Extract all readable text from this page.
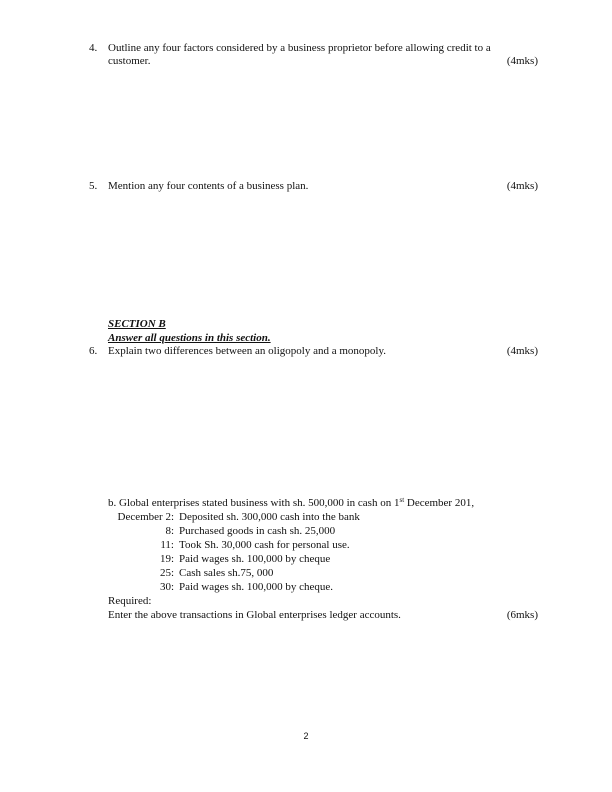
4. Outline any four factors considered by a business proprietor before allowing credit to a
customer.	(4mks)
5. Mention any four contents of a business plan.	(4mks)
SECTION B
Answer all questions in this section.
6. Explain two differences between an oligopoly and a monopoly.	(4mks)
b. Global enterprises stated business with sh. 500,000 in cash on 1st December 201,
December 2: Deposited sh. 300,000 cash into the bank
8: Purchased goods in cash sh. 25,000
11: Took Sh. 30,000 cash for personal use.
19: Paid wages sh. 100,000 by cheque
25: Cash sales sh.75, 000
30: Paid wages sh. 100,000 by cheque.
Required:
Enter the above transactions in Global enterprises ledger accounts.	(6mks)
2
